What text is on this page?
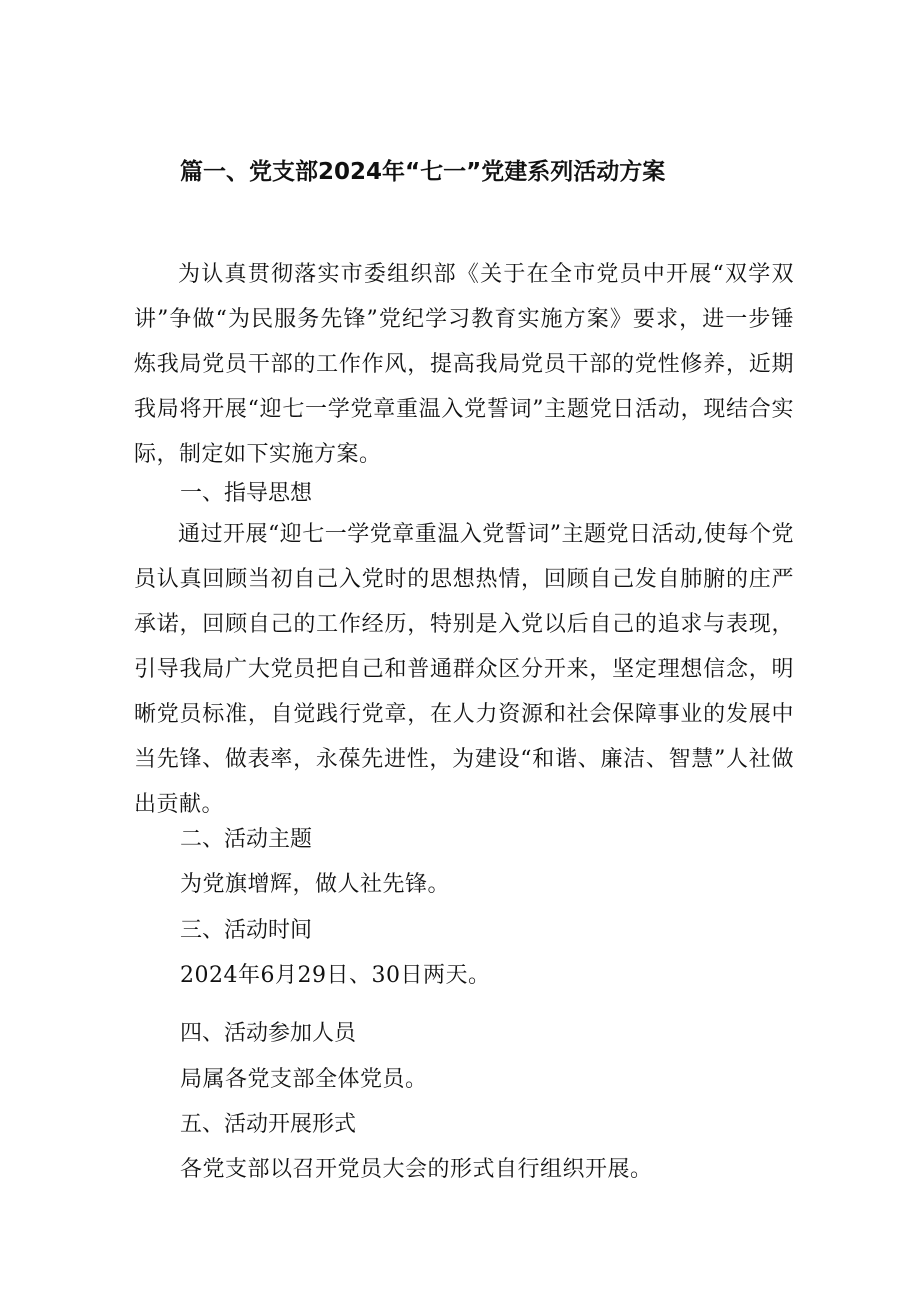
篇一、党支部2024年“七一”党建系列活动方案

为认真贯彻落实市委组织部《关于在全市党员中开展“双学双讲”争做“为民服务先锋”党纪学习教育实施方案》要求，进一步锤炼我局党员干部的工作作风，提高我局党员干部的党性修养，近期我局将开展“迎七一学党章重温入党誓词”主题党日活动，现结合实际，制定如下实施方案。

一、指导思想

通过开展“迎七一学党章重温入党誓词”主题党日活动,使每个党员认真回顾当初自己入党时的思想热情，回顾自己发自肺腑的庄严承诺，回顾自己的工作经历，特别是入党以后自己的追求与表现，引导我局广大党员把自己和普通群众区分开来，坚定理想信念，明晰党员标准，自觉践行党章，在人力资源和社会保障事业的发展中当先锋、做表率，永葆先进性，为建设“和谐、廉洁、智慧”人社做出贡献。

二、活动主题
为党旗增辉，做人社先锋。
三、活动时间
2024年6月29日、30日两天。
四、活动参加人员
局属各党支部全体党员。
五、活动开展形式
各党支部以召开党员大会的形式自行组织开展。
